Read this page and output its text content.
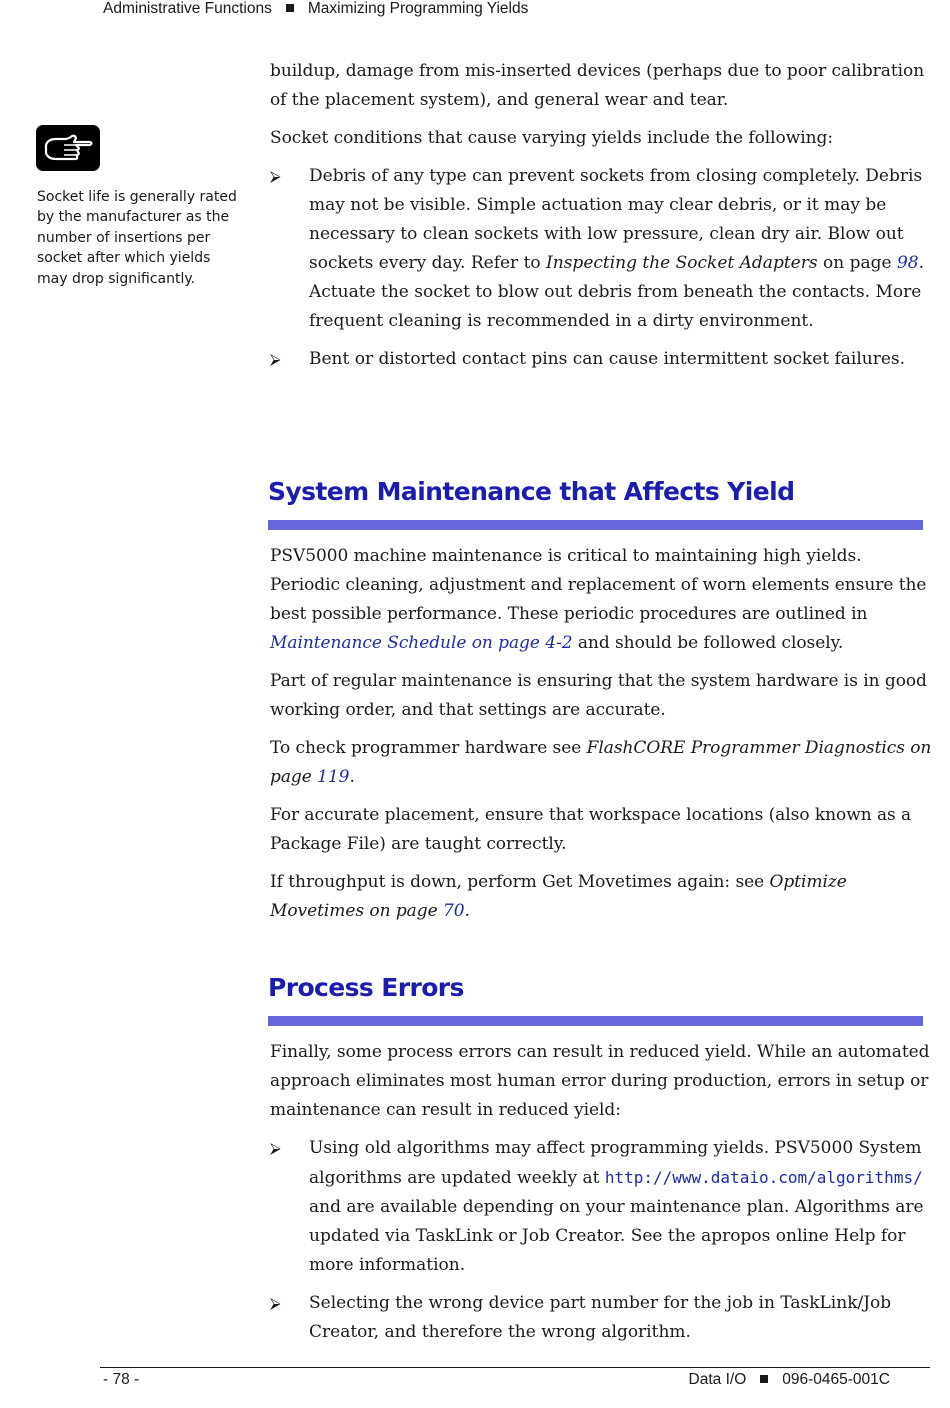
Administrative Functions Maximizing Programming Yields
Socket life is generally rated by the manufacturer as the number of insertions per socket after which yields may drop significantly.

buildup, damage from mis-inserted devices (perhaps due to poor calibration of the placement system), and general wear and tear.

Socket conditions that cause varying yields include the following:

⮚ Debris of any type can prevent sockets from closing completely. Debris may not be visible. Simple actuation may clear debris, or it may be necessary to clean sockets with low pressure, clean dry air. Blow out sockets every day. Refer to Inspecting the Socket Adapters on page 98. Actuate the socket to blow out debris from beneath the contacts. More frequent cleaning is recommended in a dirty environment.
⮚ Bent or distorted contact pins can cause intermittent socket failures.
System Maintenance that Affects Yield

PSV5000 machine maintenance is critical to maintaining high yields. Periodic cleaning, adjustment and replacement of worn elements ensure the best possible performance. These periodic procedures are outlined in Maintenance Schedule on page 4-2 and should be followed closely.

Part of regular maintenance is ensuring that the system hardware is in good working order, and that settings are accurate.

To check programmer hardware see FlashCORE Programmer Diagnostics on page 119.

For accurate placement, ensure that workspace locations (also known as a Package File) are taught correctly.

If throughput is down, perform Get Movetimes again: see Optimize Movetimes on page 70.

Process Errors

Finally, some process errors can result in reduced yield. While an automated approach eliminates most human error during production, errors in setup or maintenance can result in reduced yield:

⮚ Using old algorithms may affect programming yields. PSV5000 System algorithms are updated weekly at http://www.dataio.com/algorithms/ and are available depending on your maintenance plan. Algorithms are updated via TaskLink or Job Creator. See the apropos online Help for more information.
⮚ Selecting the wrong device part number for the job in TaskLink/Job Creator, and therefore the wrong algorithm.
- 78 -	Data I/O 096-0465-001C
